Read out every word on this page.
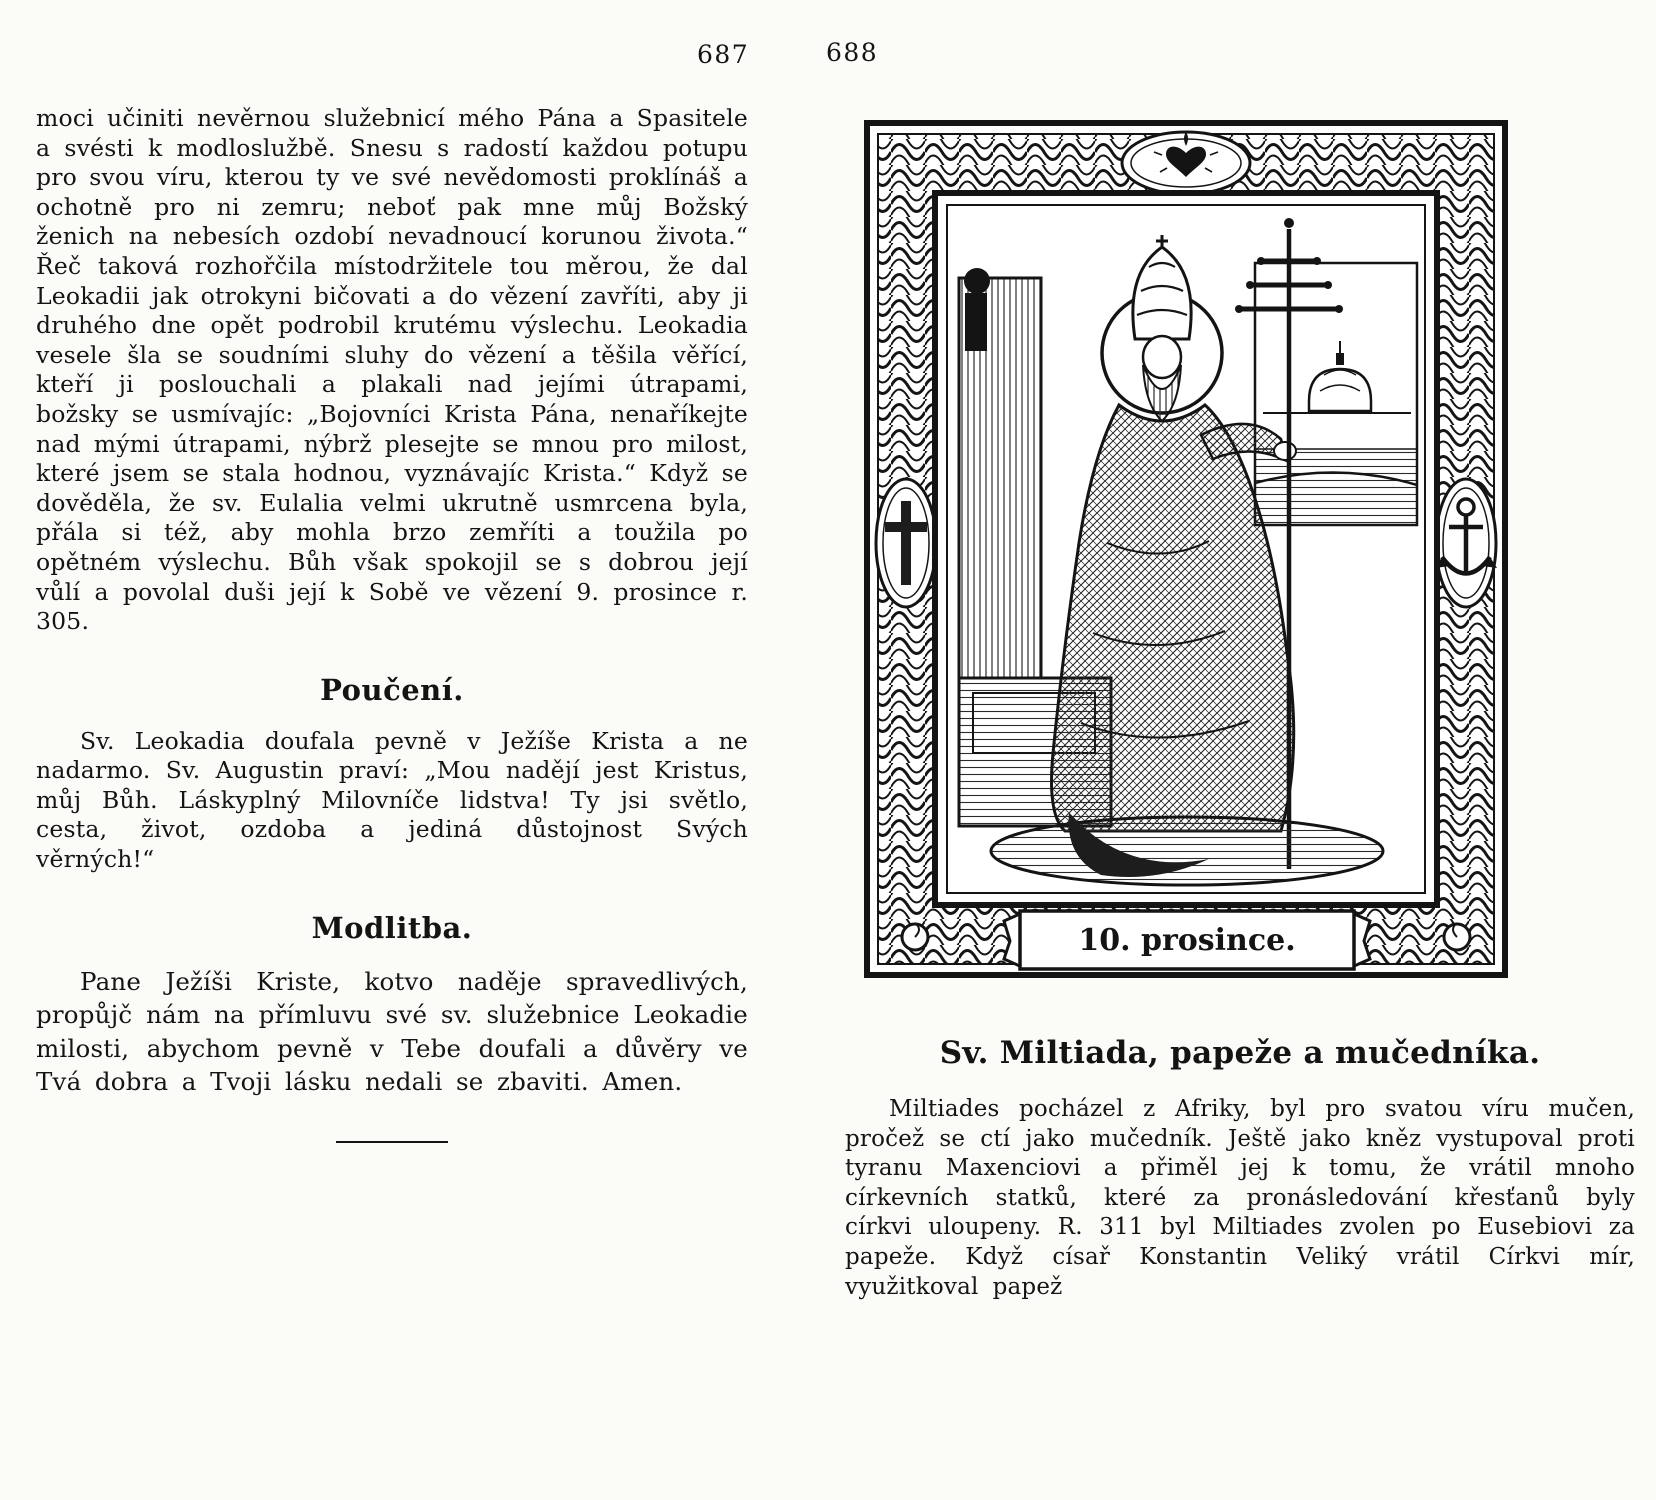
687	688

moci učiniti nevěrnou služebnicí mého Pána a Spasitele a svésti k modloslužbě. Snesu s radostí každou potupu pro svou víru, kterou ty ve své nevědomosti proklínáš a ochotně pro ni zemru; neboť pak mne můj Božský ženich na nebesích ozdobí nevadnoucí korunou života.“ Řeč taková rozhořčila místodržitele tou měrou, že dal Leokadii jak otrokyni bičovati a do vězení zavříti, aby ji druhého dne opět podrobil krutému výslechu. Leokadia vesele šla se soudními sluhy do vězení a těšila věřící, kteří ji poslouchali a plakali nad jejími útrapami, božsky se usmívajíc: „Bojovníci Krista Pána, nenaříkejte nad mými útrapami, nýbrž plesejte se mnou pro milost, které jsem se stala hodnou, vyznávajíc Krista.“ Když se dověděla, že sv. Eulalia velmi ukrutně usmrcena byla, přála si též, aby mohla brzo zemříti a toužila po opětném výslechu. Bůh však spokojil se s dobrou její vůlí a povolal duši její k Sobě ve vězení 9. prosince r. 305.

Poučení.

Sv. Leokadia doufala pevně v Ježíše Krista a ne nadarmo. Sv. Augustin praví: „Mou nadějí jest Kristus, můj Bůh. Láskyplný Milovníče lidstva! Ty jsi světlo, cesta, život, ozdoba a jediná důstojnost Svých věrných!“

Modlitba.

Pane Ježíši Kriste, kotvo naděje spravedlivých, propůjč nám na přímluvu své sv. služebnice Leokadie milosti, abychom pevně v Tebe doufali a důvěry ve Tvá dobra a Tvoji lásku nedali se zbaviti. Amen.

10. prosince.
Sv. Miltiada, papeže a mučedníka.

Miltiades pocházel z Afriky, byl pro svatou víru mučen, pročež se ctí jako mučedník. Ještě jako kněz vystupoval proti tyranu Maxenciovi a přiměl jej k tomu, že vrátil mnoho církevních statků, které za pronásledování křesťanů byly církvi uloupeny. R. 311 byl Miltiades zvolen po Eusebiovi za papeže. Když císař Konstantin Veliký vrátil Církvi mír, využitkoval papež
